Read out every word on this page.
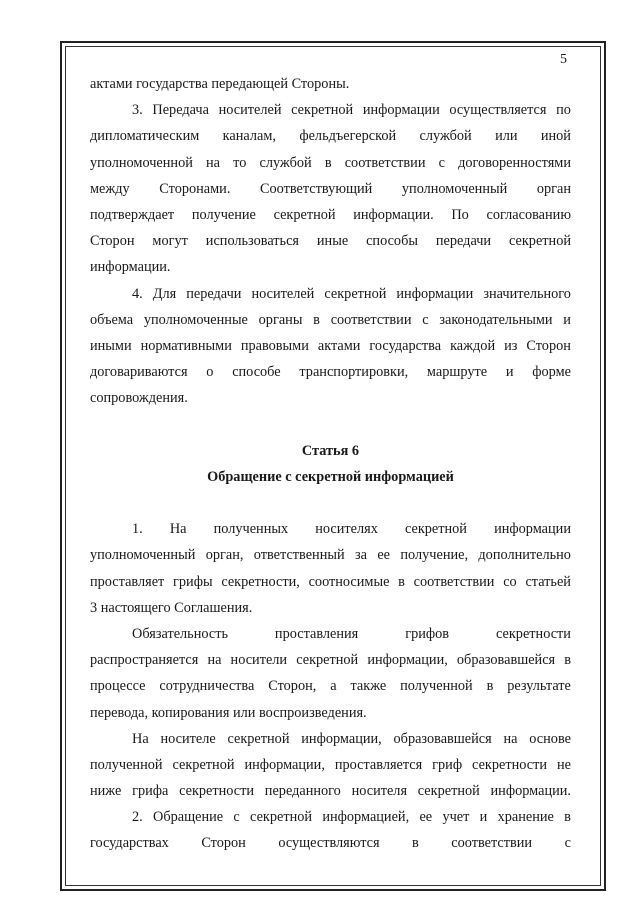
5
актами государства передающей Стороны.
3. Передача носителей секретной информации осуществляется по
дипломатическим каналам, фельдъегерской службой или иной
уполномоченной на то службой в соответствии с договоренностями
между Сторонами. Соответствующий уполномоченный орган
подтверждает получение секретной информации. По согласованию
Сторон могут использоваться иные способы передачи секретной
информации.
4. Для передачи носителей секретной информации значительного
объема уполномоченные органы в соответствии с законодательными и
иными нормативными правовыми актами государства каждой из Сторон
договариваются о способе транспортировки, маршруте и форме
сопровождения.
Статья 6
Обращение с секретной информацией
1. На полученных носителях секретной информации
уполномоченный орган, ответственный за ее получение, дополнительно
проставляет грифы секретности, соотносимые в соответствии со статьей
3 настоящего Соглашения.
Обязательность	проставления	грифов	секретности
распространяется на носители секретной информации, образовавшейся в
процессе сотрудничества Сторон, а также полученной в результате
перевода, копирования или воспроизведения.
На носителе секретной информации, образовавшейся на основе
полученной секретной информации, проставляется гриф секретности не
ниже грифа секретности переданного носителя секретной информации.
2. Обращение с секретной информацией, ее учет и хранение в
государствах Сторон осуществляются в соответствии с
